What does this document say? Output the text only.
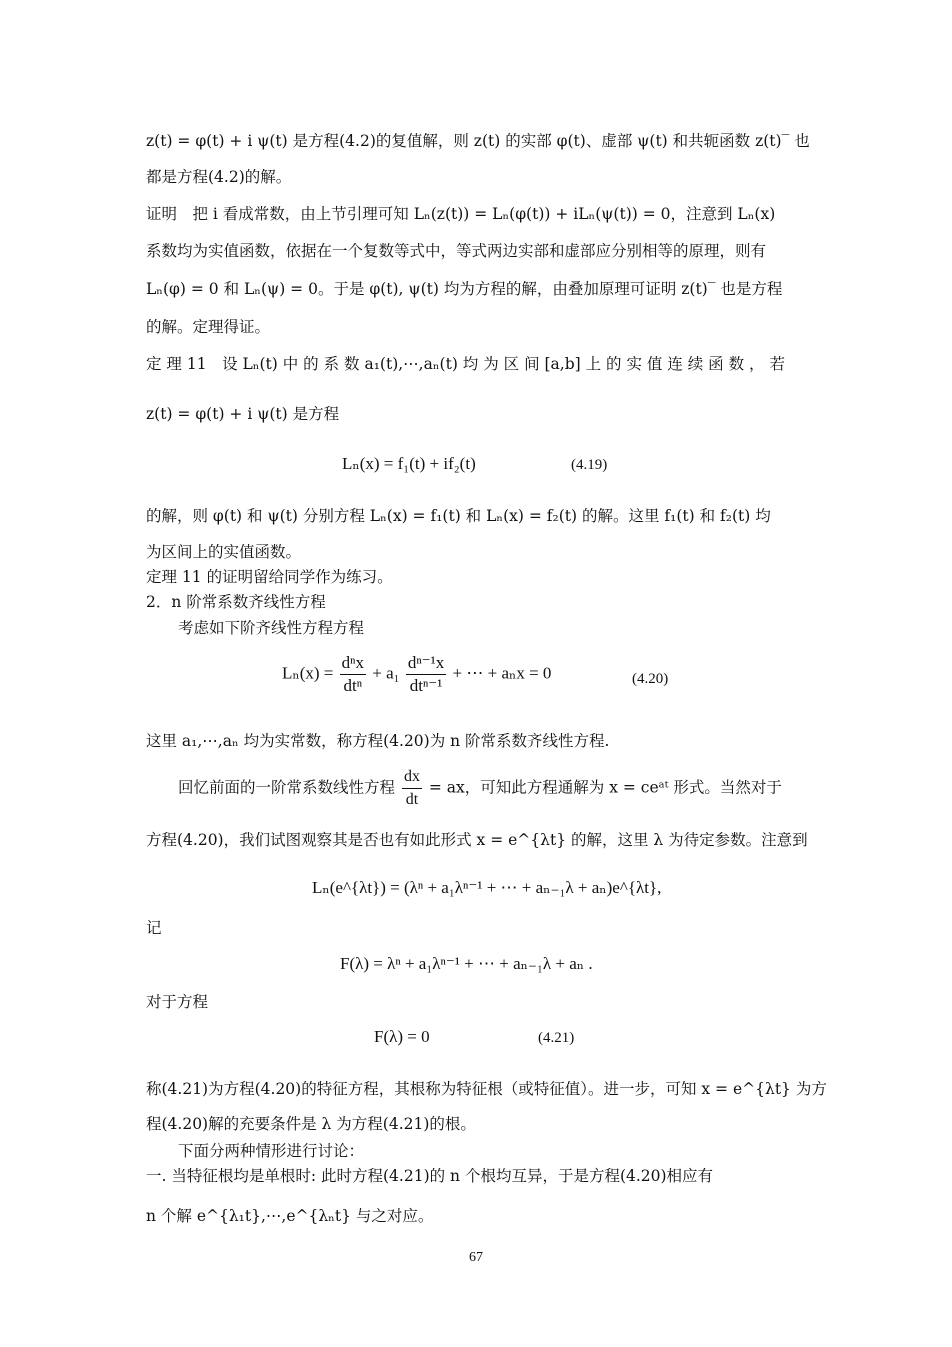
z(t) = φ(t) + i ψ(t) 是方程(4.2)的复值解，则 z(t) 的实部 φ(t)、虚部 ψ(t) 和共轭函数 z(t)‾ 也
都是方程(4.2)的解。
证明　把 i 看成常数，由上节引理可知 Lₙ(z(t)) = Lₙ(φ(t)) + iLₙ(ψ(t)) = 0，注意到 Lₙ(x)
系数均为实值函数，依据在一个复数等式中，等式两边实部和虚部应分别相等的原理，则有
Lₙ(φ) = 0 和 Lₙ(ψ) = 0。于是 φ(t), ψ(t) 均为方程的解，由叠加原理可证明 z(t)‾ 也是方程
的解。定理得证。
定 理 11　设 Lₙ(t) 中 的 系 数 a₁(t),⋯,aₙ(t) 均 为 区 间 [a,b] 上 的 实 值 连 续 函 数 ， 若
z(t) = φ(t) + i ψ(t) 是方程
Lₙ(x) = f₁(t) + if₂(t)	(4.19)
的解，则 φ(t) 和 ψ(t) 分别方程 Lₙ(x) = f₁(t) 和 Lₙ(x) = f₂(t) 的解。这里 f₁(t) 和 f₂(t) 均
为区间上的实值函数。
定理 11 的证明留给同学作为练习。
2．n 阶常系数齐线性方程
考虑如下阶齐线性方程方程
$L_n(x) = \frac{\text{dⁿx}}{\text{dtⁿ}} + a_1 \frac{\text{dⁿ⁻¹x}}{\text{dtⁿ⁻¹}}$ + ⋯ + aₙx = 0	(4.20)
这里 a₁,⋯,aₙ 均为实常数，称方程(4.20)为 n 阶常系数齐线性方程.
回忆前面的一阶常系数线性方程 $\frac{dx}{dt}$ = ax，可知此方程通解为 x = ceᵃᵗ 形式。当然对于
方程(4.20)，我们试图观察其是否也有如此形式 x = e^{λt} 的解，这里 λ 为待定参数。注意到
Lₙ(e^{λt}) = (λⁿ + a₁λⁿ⁻¹ + ⋯ + aₙ₋₁λ + aₙ)e^{λt},
记
F(λ) = λⁿ + a₁λⁿ⁻¹ + ⋯ + aₙ₋₁λ + aₙ .
对于方程
F(λ) = 0	(4.21)
称(4.21)为方程(4.20)的特征方程，其根称为特征根（或特征值）。进一步，可知 x = e^{λt} 为方
程(4.20)解的充要条件是 λ 为方程(4.21)的根。
下面分两种情形进行讨论：
一. 当特征根均是单根时: 此时方程(4.21)的 n 个根均互异，于是方程(4.20)相应有
n 个解 e^{λ₁t},⋯,e^{λₙt} 与之对应。
67
